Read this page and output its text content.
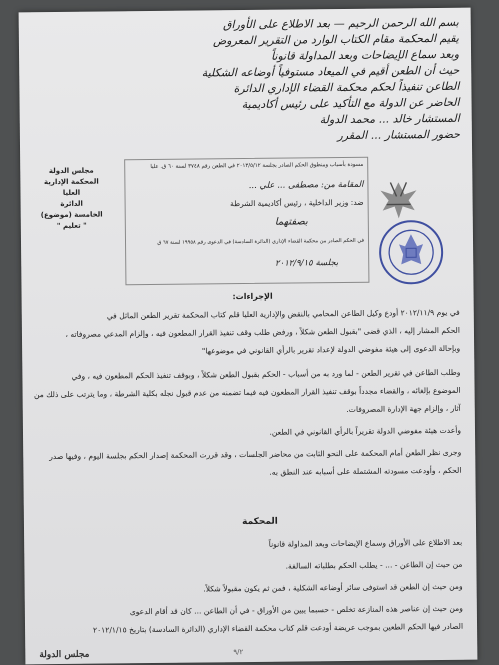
بسم الله الرحمن الرحيم — بعد الاطلاع على الأوراق
يقيم المحكمة مقام الكتاب الوارد من التقرير المعروض
وبعد سماع الإيضاحات وبعد المداولة قانوناً
حيث أن الطعن أقيم في الميعاد مستوفياً أوضاعه الشكلية
الطاعن تنفيذاً لحكم محكمة القضاء الإداري الدائرة
الحاضر عن الدولة مع التأكيد على رئيس أكاديمية
المستشار خالد ... محمد الدولة
حضور المستشار ... المقرر
مجلس الدولة
المحكمة الإدارية
العليا
الدائرة
الخامسة (موضوع)
" تعليم "
مسودة بأسباب ومنطوق الحكم الصادر بجلسة ٢٠١٣/٥/١٢ في الطعن رقم ٣٧٤٨ لسنة ٦٠ ق. عليا
المقامة من: مصطفى ... علي ...
ضد: وزير الداخلية ، رئيس أكاديمية الشرطة
بصفتهما
في الحكم الصادر من محكمة القضاء الإداري (الدائرة السادسة) في الدعوى رقم ١٩٩٥٨ لسنة ٦٧ ق
بجلسة ٢٠١٢/٩/١٥
الإجراءات:
في يوم ٢٠١٢/١١/٩ أودع وكيل الطاعن المحامي بالنقض والإدارية العليا قلم كتاب المحكمة تقرير الطعن الماثل في
الحكم المشار إليه ، الذي قضى "بقبول الطعن شكلاً ، ورفض طلب وقف تنفيذ القرار المطعون فيه ، وإلزام المدعي مصروفاته ،
وبإحالة الدعوى إلى هيئة مفوضي الدولة لإعداد تقرير بالرأي القانوني في موضوعها"
وطلب الطاعن في تقرير الطعن - لما ورد به من أسباب - الحكم بقبول الطعن شكلاً ، وبوقف تنفيذ الحكم المطعون فيه ، وفي
الموضوع بإلغائه ، والقضاء مجدداً بوقف تنفيذ القرار المطعون فيه فيما تضمنه من عدم قبول نجله بكلية الشرطة ، وما يترتب على ذلك من
آثار ، وإلزام جهة الإدارة المصروفات.
وأعدت هيئة مفوضي الدولة تقريراً بالرأي القانوني في الطعن.
وجرى نظر الطعن أمام المحكمة على النحو الثابت من محاضر الجلسات ، وقد قررت المحكمة إصدار الحكم بجلسة اليوم ، وفيها صدر
الحكم ، وأودعت مسودته المشتملة على أسبابه عند النطق به.
المحكمة
بعد الاطلاع على الأوراق وسماع الإيضاحات وبعد المداولة قانوناً
من حيث إن الطاعن - ... - يطلب الحكم بطلباته السالفة.
ومن حيث إن الطعن قد استوفى سائر أوضاعه الشكلية ، فمن ثم يكون مقبولاً شكلاً.
ومن حيث إن عناصر هذه المنازعة تخلص - حسبما يبين من الأوراق - في أن الطاعن ... كان قد أقام الدعوى
الصادر فيها الحكم الطعين بموجب عريضة أودعت قلم كتاب محكمة القضاء الإداري (الدائرة السادسة) بتاريخ ٢٠١٢/١/١٥
٩/٢
مجلس الدولة
